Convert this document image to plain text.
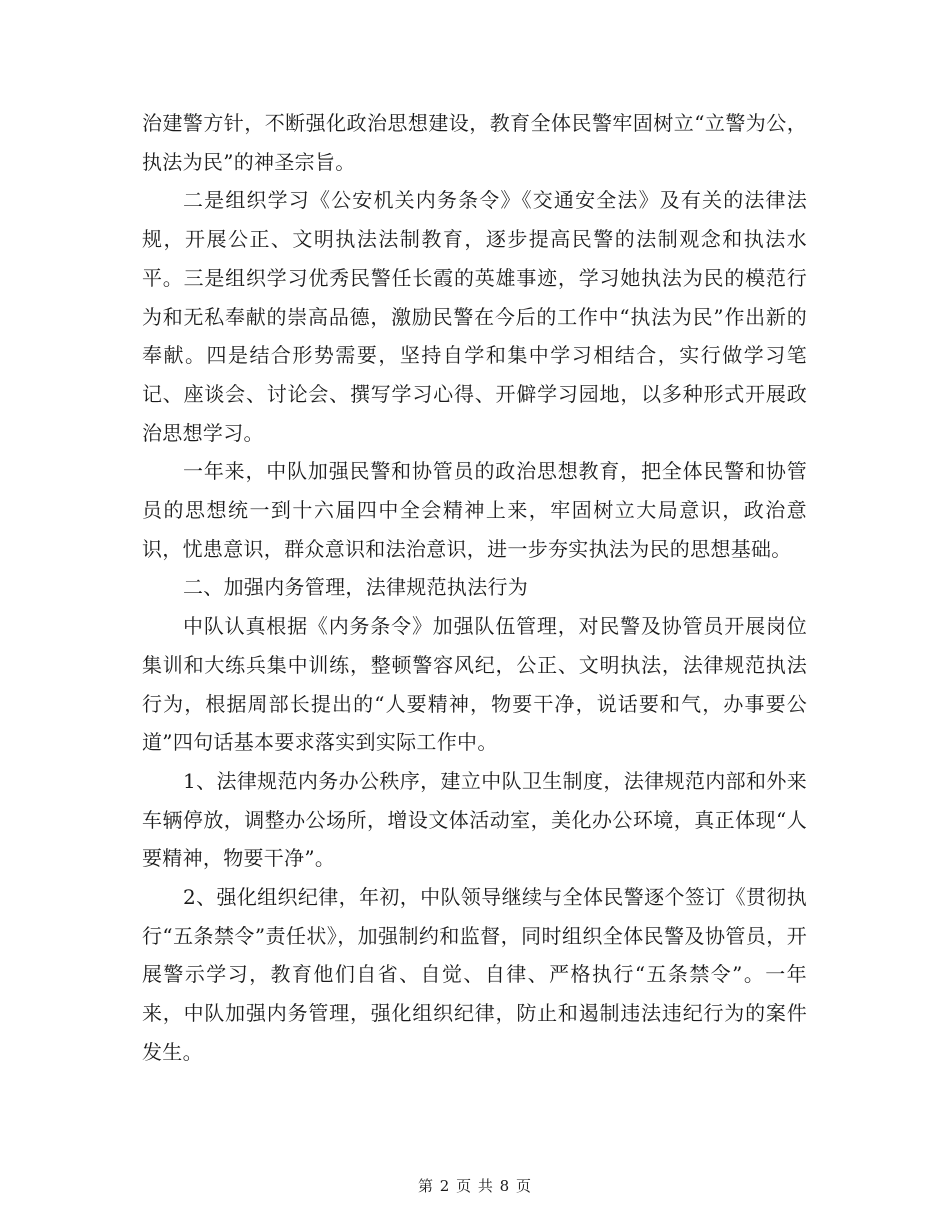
治建警方针，不断强化政治思想建设，教育全体民警牢固树立“立警为公，执法为民”的神圣宗旨。

二是组织学习《公安机关内务条令》《交通安全法》及有关的法律法规，开展公正、文明执法法制教育，逐步提高民警的法制观念和执法水平。三是组织学习优秀民警任长霞的英雄事迹，学习她执法为民的模范行为和无私奉献的崇高品德，激励民警在今后的工作中“执法为民”作出新的奉献。四是结合形势需要，坚持自学和集中学习相结合，实行做学习笔记、座谈会、讨论会、撰写学习心得、开僻学习园地，以多种形式开展政治思想学习。

一年来，中队加强民警和协管员的政治思想教育，把全体民警和协管员的思想统一到十六届四中全会精神上来，牢固树立大局意识，政治意识，忧患意识，群众意识和法治意识，进一步夯实执法为民的思想基础。

二、加强内务管理，法律规范执法行为

中队认真根据《内务条令》加强队伍管理，对民警及协管员开展岗位集训和大练兵集中训练，整顿警容风纪，公正、文明执法，法律规范执法行为，根据周部长提出的“人要精神，物要干净，说话要和气，办事要公道”四句话基本要求落实到实际工作中。

1、法律规范内务办公秩序，建立中队卫生制度，法律规范内部和外来车辆停放，调整办公场所，增设文体活动室，美化办公环境，真正体现“人要精神，物要干净”。

2、强化组织纪律，年初，中队领导继续与全体民警逐个签订《贯彻执行“五条禁令”责任状》，加强制约和监督，同时组织全体民警及协管员，开展警示学习，教育他们自省、自觉、自律、严格执行“五条禁令”。一年来，中队加强内务管理，强化组织纪律，防止和遏制违法违纪行为的案件发生。

第 2 页 共 8 页
